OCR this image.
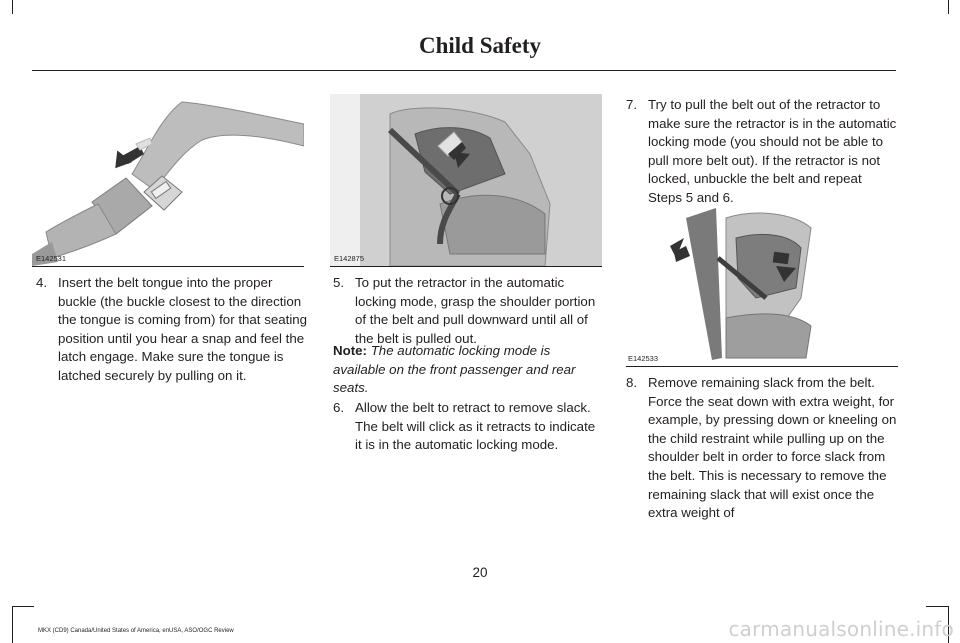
Child Safety
E142531
4. Insert the belt tongue into the proper buckle (the buckle closest to the direction the tongue is coming from) for that seating position until you hear a snap and feel the latch engage. Make sure the tongue is latched securely by pulling on it.
E142875
5. To put the retractor in the automatic locking mode, grasp the shoulder portion of the belt and pull downward until all of the belt is pulled out.
Note: The automatic locking mode is available on the front passenger and rear seats.
6. Allow the belt to retract to remove slack. The belt will click as it retracts to indicate it is in the automatic locking mode.
7. Try to pull the belt out of the retractor to make sure the retractor is in the automatic locking mode (you should not be able to pull more belt out). If the retractor is not locked, unbuckle the belt and repeat Steps 5 and 6.
E142533
8. Remove remaining slack from the belt. Force the seat down with extra weight, for example, by pressing down or kneeling on the child restraint while pulling up on the shoulder belt in order to force slack from the belt. This is necessary to remove the remaining slack that will exist once the extra weight of
20
MKX (CD9) Canada/United States of America, enUSA, ASO/OGC Review	carmanualsonline.info
